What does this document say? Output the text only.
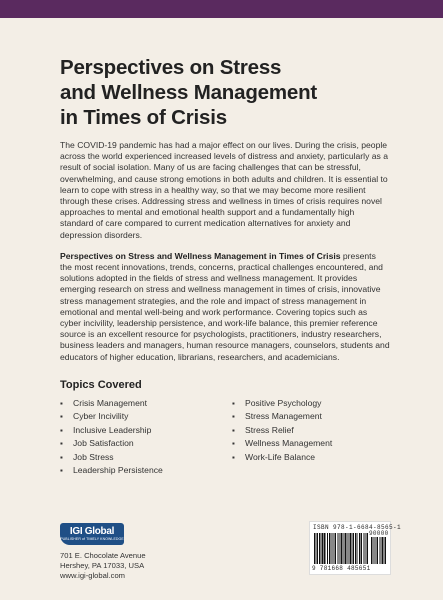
Perspectives on Stress
and Wellness Management
in Times of Crisis

The COVID-19 pandemic has had a major effect on our lives. During the crisis, people across the world experienced increased levels of distress and anxiety, particularly as a result of social isolation. Many of us are facing challenges that can be stressful, overwhelming, and cause strong emotions in both adults and children. It is essential to learn to cope with stress in a healthy way, so that we may become more resilient through these crises. Addressing stress and wellness in times of crisis requires novel approaches to mental and emotional health support and a fundamentally high standard of care compared to current medication alternatives for anxiety and depression disorders.

Perspectives on Stress and Wellness Management in Times of Crisis presents the most recent innovations, trends, concerns, practical challenges encountered, and solutions adopted in the fields of stress and wellness management. It provides emerging research on stress and wellness management in times of crisis, innovative stress management strategies, and the role and impact of stress management in emotional and mental well-being and work performance. Covering topics such as cyber incivility, leadership persistence, and work-life balance, this premier reference source is an excellent resource for psychologists, practitioners, industry researchers, business leaders and managers, human resource managers, counselors, students and educators of higher education, librarians, researchers, and academicians.

Topics Covered
▪ Crisis Management
▪ Cyber Incivility
▪ Inclusive Leadership
▪ Job Satisfaction
▪ Job Stress
▪ Leadership Persistence
▪ Positive Psychology
▪ Stress Management
▪ Stress Relief
▪ Wellness Management
▪ Work-Life Balance
IGI Global
PUBLISHER of TIMELY KNOWLEDGE
701 E. Chocolate Avenue
Hershey, PA 17033, USA
www.igi-global.com
ISBN 978-1-6684-8565-1
90000
9 781668 485651
